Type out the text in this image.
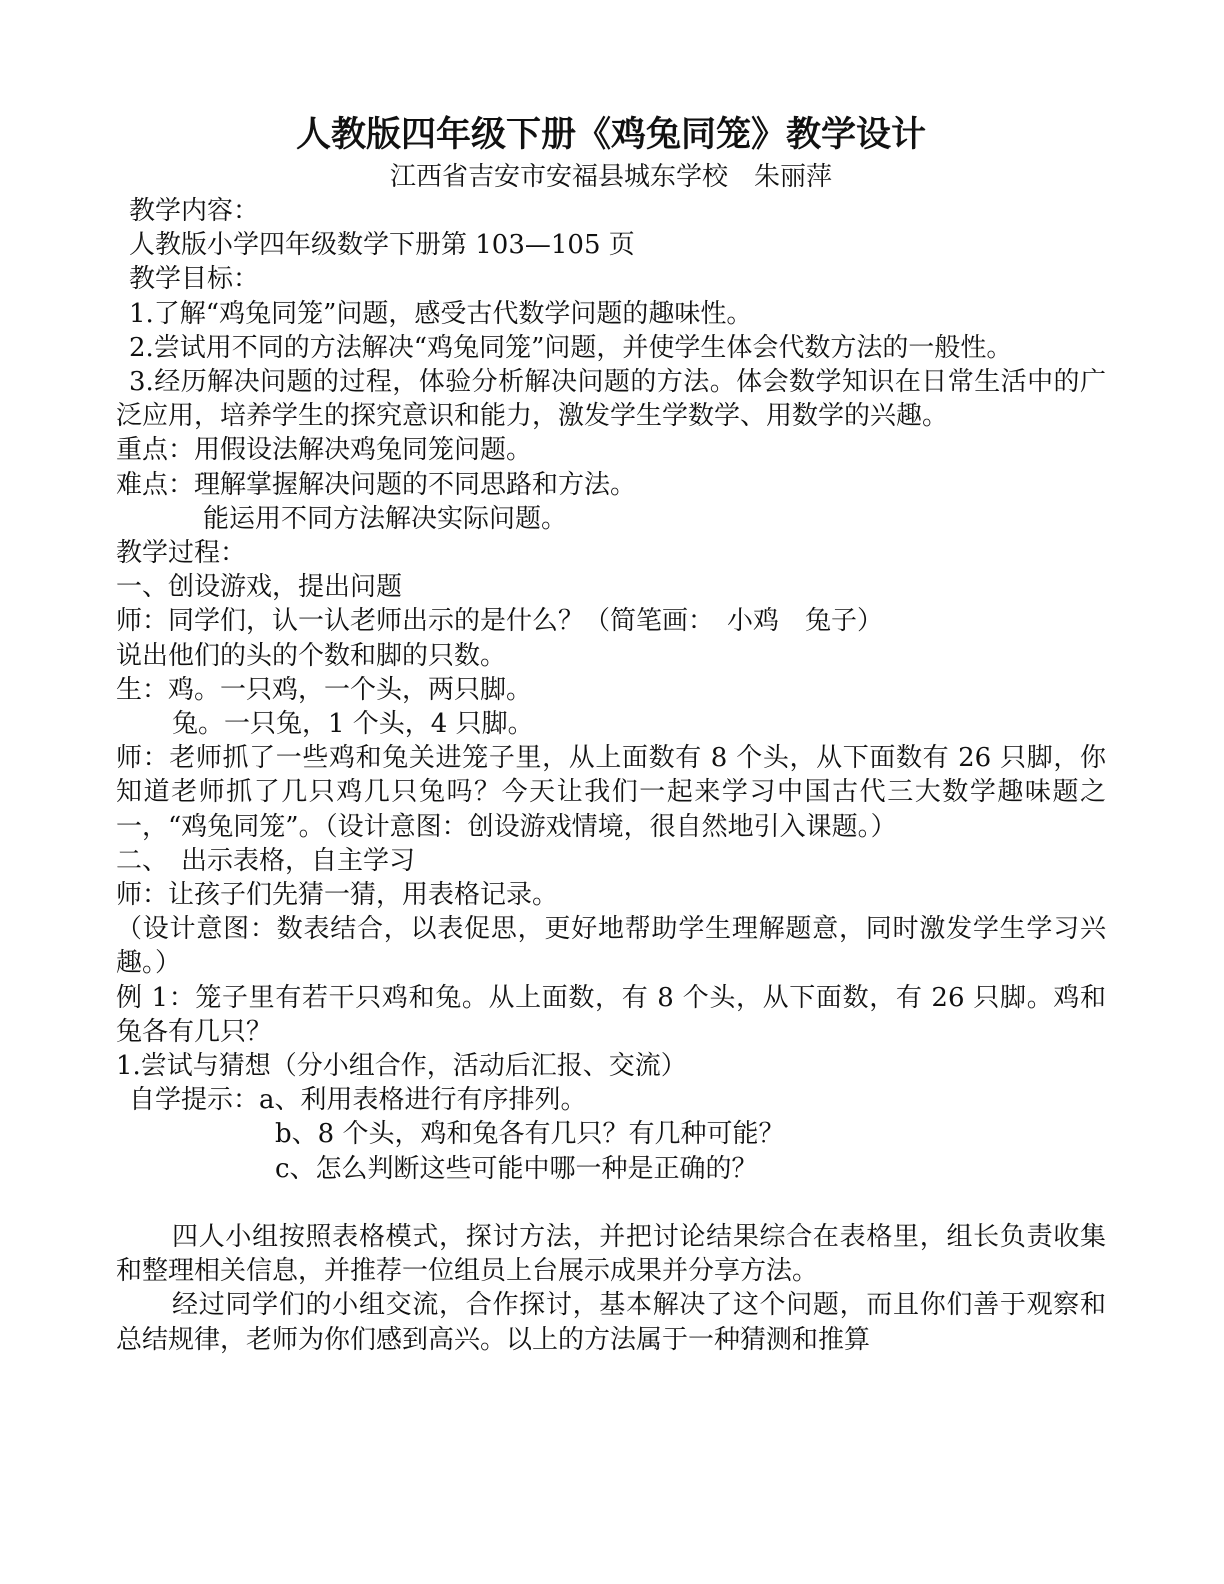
人教版四年级下册《鸡兔同笼》教学设计
江西省吉安市安福县城东学校　朱丽萍
教学内容：
人教版小学四年级数学下册第 103—105 页
教学目标：
1.了解“鸡兔同笼”问题，感受古代数学问题的趣味性。
2.尝试用不同的方法解决“鸡兔同笼”问题，并使学生体会代数方法的一般性。
3.经历解决问题的过程，体验分析解决问题的方法。体会数学知识在日常生活中的广泛应用，培养学生的探究意识和能力，激发学生学数学、用数学的兴趣。
重点：用假设法解决鸡兔同笼问题。
难点：理解掌握解决问题的不同思路和方法。
能运用不同方法解决实际问题。
教学过程：
一、创设游戏，提出问题
师：同学们，认一认老师出示的是什么？（简笔画：　小鸡　兔子）
说出他们的头的个数和脚的只数。
生：鸡。一只鸡，一个头，两只脚。
兔。一只兔，1 个头，4 只脚。
师：老师抓了一些鸡和兔关进笼子里，从上面数有 8 个头，从下面数有 26 只脚，你知道老师抓了几只鸡几只兔吗？今天让我们一起来学习中国古代三大数学趣味题之一，“鸡兔同笼”。（设计意图：创设游戏情境，很自然地引入课题。）
二、　出示表格，自主学习
师：让孩子们先猜一猜，用表格记录。
（设计意图：数表结合，以表促思，更好地帮助学生理解题意，同时激发学生学习兴趣。）
例 1：笼子里有若干只鸡和兔。从上面数，有 8 个头，从下面数，有 26 只脚。鸡和兔各有几只？
1.尝试与猜想（分小组合作，活动后汇报、交流）
自学提示：a、利用表格进行有序排列。
b、8 个头，鸡和兔各有几只？有几种可能？
c、怎么判断这些可能中哪一种是正确的？
四人小组按照表格模式，探讨方法，并把讨论结果综合在表格里，组长负责收集和整理相关信息，并推荐一位组员上台展示成果并分享方法。
经过同学们的小组交流，合作探讨，基本解决了这个问题，而且你们善于观察和总结规律，老师为你们感到高兴。以上的方法属于一种猜测和推算
